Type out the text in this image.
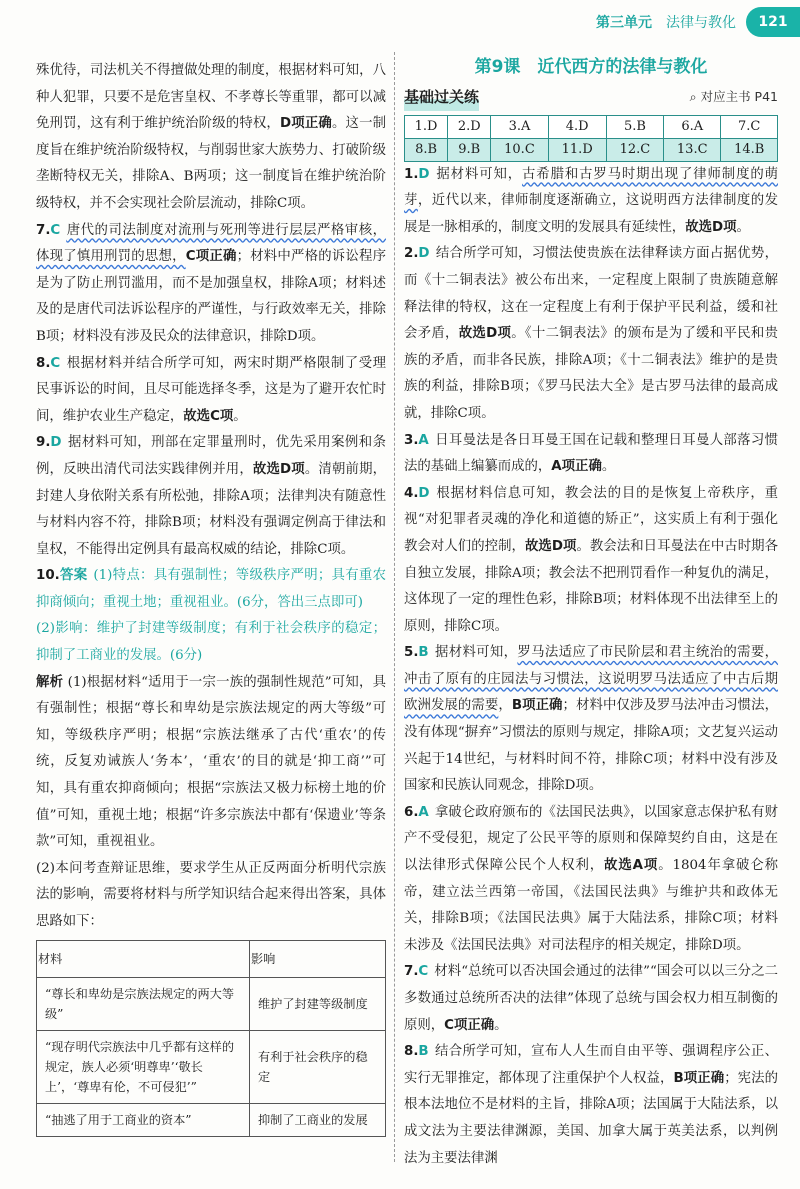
第三单元 法律与教化	121

殊优待，司法机关不得擅做处理的制度，根据材料可知，八种人犯罪，只要不是危害皇权、不孝尊长等重罪，都可以减免刑罚，这有利于维护统治阶级的特权，D项正确。这一制度旨在维护统治阶级特权，与削弱世家大族势力、打破阶级垄断特权无关，排除A、B两项；这一制度旨在维护统治阶级特权，并不会实现社会阶层流动，排除C项。

7.C 唐代的司法制度对流刑与死刑等进行层层严格审核，体现了慎用刑罚的思想，C项正确；材料中严格的诉讼程序是为了防止刑罚滥用，而不是加强皇权，排除A项；材料述及的是唐代司法诉讼程序的严谨性，与行政效率无关，排除B项；材料没有涉及民众的法律意识，排除D项。

8.C 根据材料并结合所学可知，两宋时期严格限制了受理民事诉讼的时间，且尽可能选择冬季，这是为了避开农忙时间，维护农业生产稳定，故选C项。

9.D 据材料可知，刑部在定罪量刑时，优先采用案例和条例，反映出清代司法实践律例并用，故选D项。清朝前期，封建人身依附关系有所松弛，排除A项；法律判决有随意性与材料内容不符，排除B项；材料没有强调定例高于律法和皇权，不能得出定例具有最高权威的结论，排除C项。

10.答案 (1)特点：具有强制性；等级秩序严明；具有重农抑商倾向；重视土地；重视祖业。(6分，答出三点即可)

(2)影响：维护了封建等级制度；有利于社会秩序的稳定；抑制了工商业的发展。(6分)

解析 (1)根据材料“适用于一宗一族的强制性规范”可知，具有强制性；根据“尊长和卑幼是宗族法规定的两大等级”可知，等级秩序严明；根据“宗族法继承了古代‘重农’的传统，反复劝诫族人‘务本’，‘重农’的目的就是‘抑工商’”可知，具有重农抑商倾向；根据“宗族法又极力标榜土地的价值”可知，重视土地；根据“许多宗族法中都有‘保遗业’等条款”可知，重视祖业。

(2)本问考查辩证思维，要求学生从正反两面分析明代宗族法的影响，需要将材料与所学知识结合起来得出答案，具体思路如下：

材料	影响
“尊长和卑幼是宗族法规定的两大等级”	维护了封建等级制度
“现存明代宗族法中几乎都有这样的规定，族人必须‘明尊卑’‘敬长上’，‘尊卑有伦，不可侵犯’”	有利于社会秩序的稳定
“抽逃了用于工商业的资本”	抑制了工商业的发展
第9课　近代西方的法律与教化
基础过关练	⌕ 对应主书 P41
1.D	2.D	3.A	4.D	5.B	6.A	7.C
8.B	9.B	10.C	11.D	12.C	13.C	14.B

1.D 据材料可知，古希腊和古罗马时期出现了律师制度的萌芽，近代以来，律师制度逐渐确立，这说明西方法律制度的发展是一脉相承的，制度文明的发展具有延续性，故选D项。

2.D 结合所学可知，习惯法使贵族在法律释读方面占据优势，而《十二铜表法》被公布出来，一定程度上限制了贵族随意解释法律的特权，这在一定程度上有利于保护平民利益，缓和社会矛盾，故选D项。《十二铜表法》的颁布是为了缓和平民和贵族的矛盾，而非各民族，排除A项；《十二铜表法》维护的是贵族的利益，排除B项；《罗马民法大全》是古罗马法律的最高成就，排除C项。

3.A 日耳曼法是各日耳曼王国在记载和整理日耳曼人部落习惯法的基础上编纂而成的，A项正确。

4.D 根据材料信息可知，教会法的目的是恢复上帝秩序，重视“对犯罪者灵魂的净化和道德的矫正”，这实质上有利于强化教会对人们的控制，故选D项。教会法和日耳曼法在中古时期各自独立发展，排除A项；教会法不把刑罚看作一种复仇的满足，这体现了一定的理性色彩，排除B项；材料体现不出法律至上的原则，排除C项。

5.B 据材料可知，罗马法适应了市民阶层和君主统治的需要，冲击了原有的庄园法与习惯法，这说明罗马法适应了中古后期欧洲发展的需要，B项正确；材料中仅涉及罗马法冲击习惯法，没有体现“摒弃”习惯法的原则与规定，排除A项；文艺复兴运动兴起于14世纪，与材料时间不符，排除C项；材料中没有涉及国家和民族认同观念，排除D项。

6.A 拿破仑政府颁布的《法国民法典》，以国家意志保护私有财产不受侵犯，规定了公民平等的原则和保障契约自由，这是在以法律形式保障公民个人权利，故选A项。1804年拿破仑称帝，建立法兰西第一帝国，《法国民法典》与维护共和政体无关，排除B项；《法国民法典》属于大陆法系，排除C项；材料未涉及《法国民法典》对司法程序的相关规定，排除D项。

7.C 材料“总统可以否决国会通过的法律”“国会可以以三分之二多数通过总统所否决的法律”体现了总统与国会权力相互制衡的原则，C项正确。

8.B 结合所学可知，宣布人人生而自由平等、强调程序公正、实行无罪推定，都体现了注重保护个人权益，B项正确；宪法的根本法地位不是材料的主旨，排除A项；法国属于大陆法系，以成文法为主要法律渊源，美国、加拿大属于英美法系，以判例法为主要法律渊
